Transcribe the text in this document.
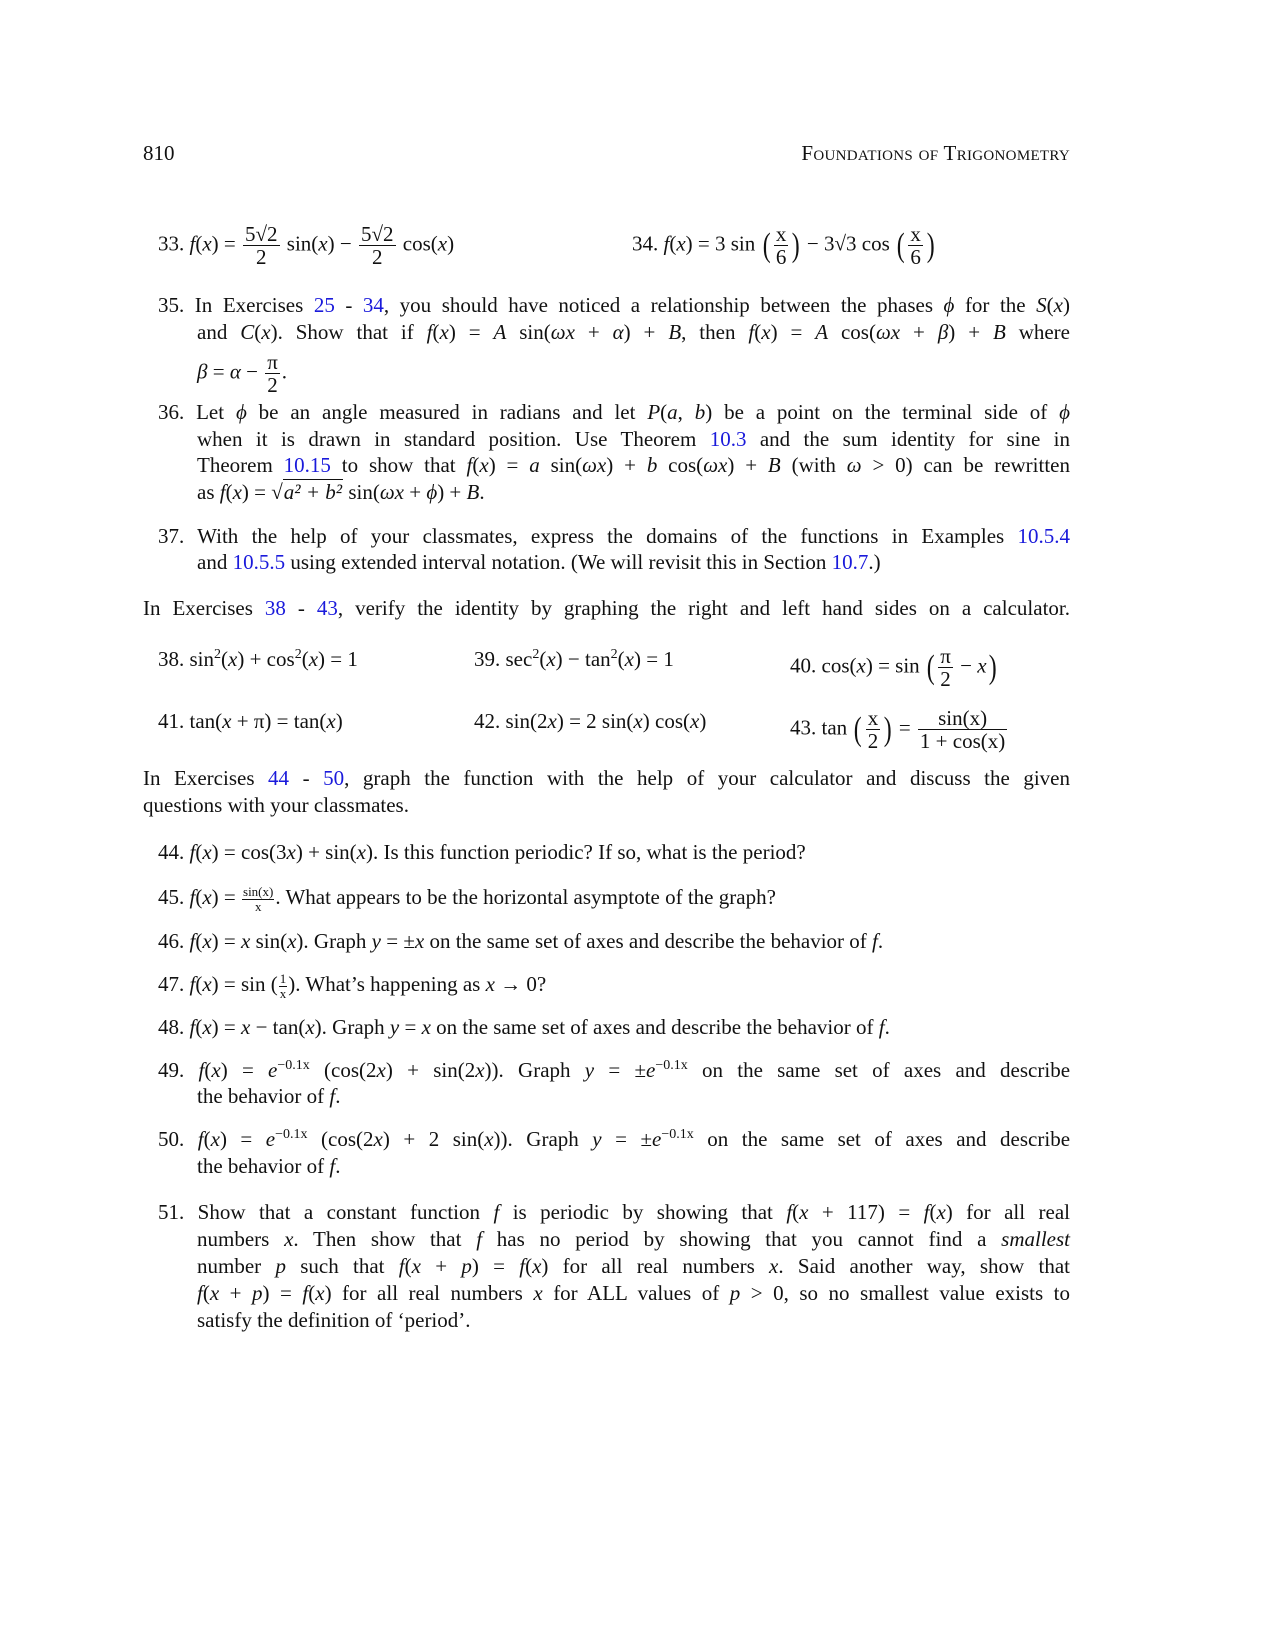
810	Foundations of Trigonometry
33. $f(x) = \frac{5√2}{2} \sin(x) - \frac{5√2}{2} \cos(x)$	34. f(x) = 3 sin ( $\frac{x}{6}$ ) − 3√3 cos ( $\frac{x}{6}$ )
35. In Exercises 25 - 34, you should have noticed a relationship between the phases ϕ for the S(x)
and C(x). Show that if f(x) = A sin(ωx + α) + B, then f(x) = A cos(ωx + β) + B where
$\beta = \alpha - \frac{\pi}{2}$ .
36. Let ϕ be an angle measured in radians and let P(a, b) be a point on the terminal side of ϕ
when it is drawn in standard position. Use Theorem 10.3 and the sum identity for sine in
Theorem 10.15 to show that f(x) = a sin(ωx) + b cos(ωx) + B (with ω > 0) can be rewritten
as f(x) = √a² + b² sin(ωx + ϕ) + B.
37. With the help of your classmates, express the domains of the functions in Examples 10.5.4
and 10.5.5 using extended interval notation. (We will revisit this in Section 10.7.)
In Exercises 38 - 43, verify the identity by graphing the right and left hand sides on a calculator.
38. $\sin^2(x) + \cos^2(x) = 1$	39. $\sec^2(x) - \tan^2(x) = 1$	40. cos(x) = sin ( $\frac{\pi}{2} - x$)
41. tan(x + π) = tan(x)	42. sin(2x) = 2 sin(x) cos(x)	43. tan ( $\frac{x}{2}$ ) = $\frac{\sin(x)}{1 + \cos(x)}$
In Exercises 44 - 50, graph the function with the help of your calculator and discuss the given
questions with your classmates.
44. f(x) = cos(3x) + sin(x). Is this function periodic? If so, what is the period?
45. $f(x) = \frac{\sin(x)}{x}$ . What appears to be the horizontal asymptote of the graph?
46. f(x) = x sin(x). Graph y = ±x on the same set of axes and describe the behavior of f.
47. f(x) = sin ( $\frac{1}{x}$ ). What’s happening as x → 0?
48. f(x) = x − tan(x). Graph y = x on the same set of axes and describe the behavior of f.
49. $f(x) = e^{-0.1x}$ (cos(2x) + sin(2x)). Graph $y = \pm e^{-0.1x}$ on the same set of axes and describe
the behavior of f.
50. $f(x) = e^{-0.1x}$ (cos(2x) + 2 sin(x)). Graph $y = \pm e^{-0.1x}$ on the same set of axes and describe
the behavior of f.
51. Show that a constant function f is periodic by showing that f(x + 117) = f(x) for all real
numbers x. Then show that f has no period by showing that you cannot find a smallest
number p such that f(x + p) = f(x) for all real numbers x. Said another way, show that
f(x + p) = f(x) for all real numbers x for ALL values of p > 0, so no smallest value exists to
satisfy the definition of ‘period’.
